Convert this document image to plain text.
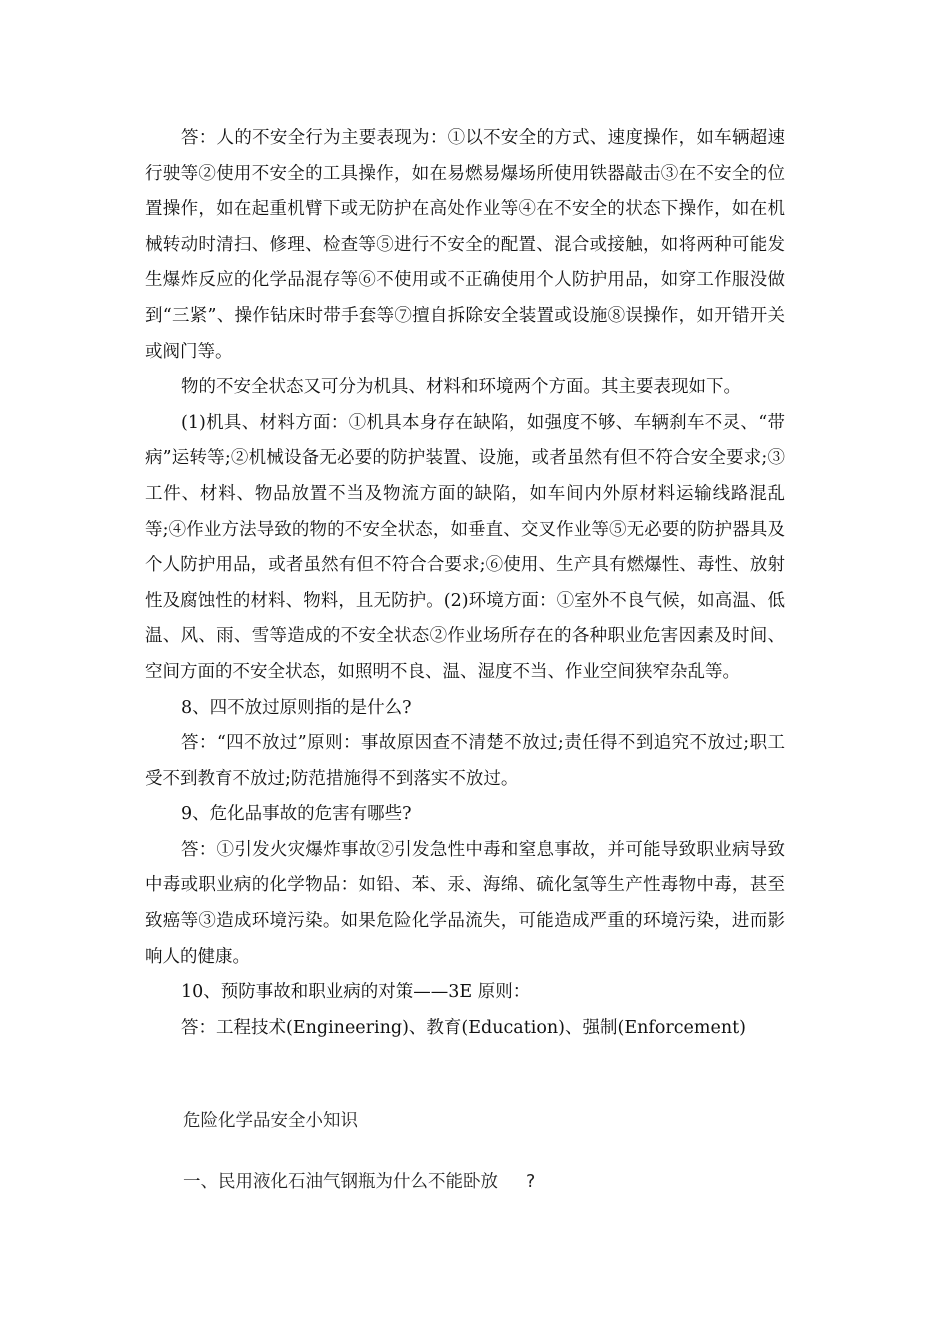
答：人的不安全行为主要表现为：①以不安全的方式、速度操作，如车辆超速行驶等②使用不安全的工具操作，如在易燃易爆场所使用铁器敲击③在不安全的位置操作，如在起重机臂下或无防护在高处作业等④在不安全的状态下操作，如在机械转动时清扫、修理、检查等⑤进行不安全的配置、混合或接触，如将两种可能发生爆炸反应的化学品混存等⑥不使用或不正确使用个人防护用品，如穿工作服没做到“三紧”、操作钻床时带手套等⑦擅自拆除安全装置或设施⑧误操作，如开错开关或阀门等。

物的不安全状态又可分为机具、材料和环境两个方面。其主要表现如下。

(1)机具、材料方面：①机具本身存在缺陷，如强度不够、车辆刹车不灵、“带病”运转等;②机械设备无必要的防护装置、设施，或者虽然有但不符合安全要求;③工件、材料、物品放置不当及物流方面的缺陷，如车间内外原材料运输线路混乱等;④作业方法导致的物的不安全状态，如垂直、交叉作业等⑤无必要的防护器具及个人防护用品，或者虽然有但不符合合要求;⑥使用、生产具有燃爆性、毒性、放射性及腐蚀性的材料、物料，且无防护。(2)环境方面：①室外不良气候，如高温、低温、风、雨、雪等造成的不安全状态②作业场所存在的各种职业危害因素及时间、空间方面的不安全状态，如照明不良、温、湿度不当、作业空间狭窄杂乱等。

8、四不放过原则指的是什么?

答：“四不放过”原则：事故原因查不清楚不放过;责任得不到追究不放过;职工受不到教育不放过;防范措施得不到落实不放过。

9、危化品事故的危害有哪些?

答：①引发火灾爆炸事故②引发急性中毒和窒息事故，并可能导致职业病导致中毒或职业病的化学物品：如铅、苯、汞、海绵、硫化氢等生产性毒物中毒，甚至致癌等③造成环境污染。如果危险化学品流失，可能造成严重的环境污染，进而影响人的健康。

10、预防事故和职业病的对策——3E 原则：

答：工程技术(Engineering)、教育(Education)、强制(Enforcement)

危险化学品安全小知识
一、民用液化石油气钢瓶为什么不能卧放 ?
